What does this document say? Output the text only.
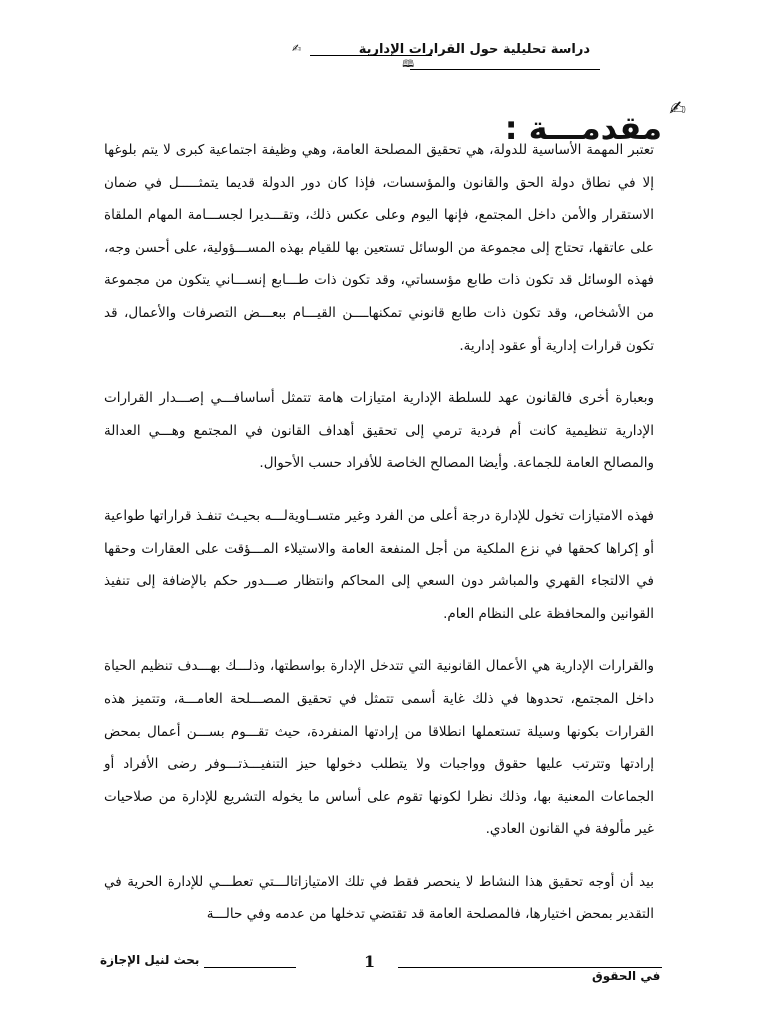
دراسة تحليلية حول القرارات الإدارية
✍
🕮
✍
مقدمـــة :

تعتبر المهمة الأساسية للدولة، هي تحقيق المصلحة العامة، وهي وظيفة اجتماعية كبرى لا يتم بلوغها إلا في نطاق دولة الحق والقانون والمؤسسات، فإذا كان دور الدولة قديما يتمثـــــل في ضمان الاستقرار والأمن داخل المجتمع، فإنها اليوم وعلى عكس ذلك، وتقـــديرا لجســـامة المهام الملقاة على عاتقها، تحتاج إلى مجموعة من الوسائل تستعين بها للقيام بهذه المســـؤولية، على أحسن وجه، فهذه الوسائل قد تكون ذات طابع مؤسساتي، وقد تكون ذات طـــابع إنســـاني يتكون من مجموعة من الأشخاص، وقد تكون ذات طابع قانوني تمكنهاــــن القيـــام ببعـــض التصرفات والأعمال، قد تكون قرارات إدارية أو عقود إدارية.

وبعبارة أخرى فالقانون عهد للسلطة الإدارية امتيازات هامة تتمثل أساسافـــي إصـــدار القرارات الإدارية تنظيمية كانت أم فردية ترمي إلى تحقيق أهداف القانون في المجتمع وهـــي العدالة والمصالح العامة للجماعة. وأيضا المصالح الخاصة للأفراد حسب الأحوال.

فهذه الامتيازات تخول للإدارة درجة أعلى من الفرد وغير متســاويةلـــه بحيـث تنفـذ قراراتها طواعية أو إكراها كحقها في نزع الملكية من أجل المنفعة العامة والاستيلاء المـــؤقت على العقارات وحقها في الالتجاء القهري والمباشر دون السعي إلى المحاكم وانتظار صـــدور حكم بالإضافة إلى تنفيذ القوانين والمحافظة على النظام العام.

والقرارات الإدارية هي الأعمال القانونية التي تتدخل الإدارة بواسطتها، وذلـــك بهـــدف تنظيم الحياة داخل المجتمع، تحدوها في ذلك غاية أسمى تتمثل في تحقيق المصـــلحة العامـــة، وتتميز هذه القرارات بكونها وسيلة تستعملها انطلاقا من إرادتها المنفردة، حيث تقـــوم بســـن أعمال بمحض إرادتها وتترتب عليها حقوق وواجبات ولا يتطلب دخولها حيز التنفيـــذتـــوفر رضى الأفراد أو الجماعات المعنية بها، وذلك نظرا لكونها تقوم على أساس ما يخوله التشريع للإدارة من صلاحيات غير مألوفة في القانون العادي.

بيد أن أوجه تحقيق هذا النشاط لا ينحصر فقط في تلك الامتيازاتالـــتي تعطـــي للإدارة الحرية في التقدير بمحض اختيارها، فالمصلحة العامة قد تقتضي تدخلها من عدمه وفي حالـــة

بحث لنيل الإجازة	1
في الحقوق
